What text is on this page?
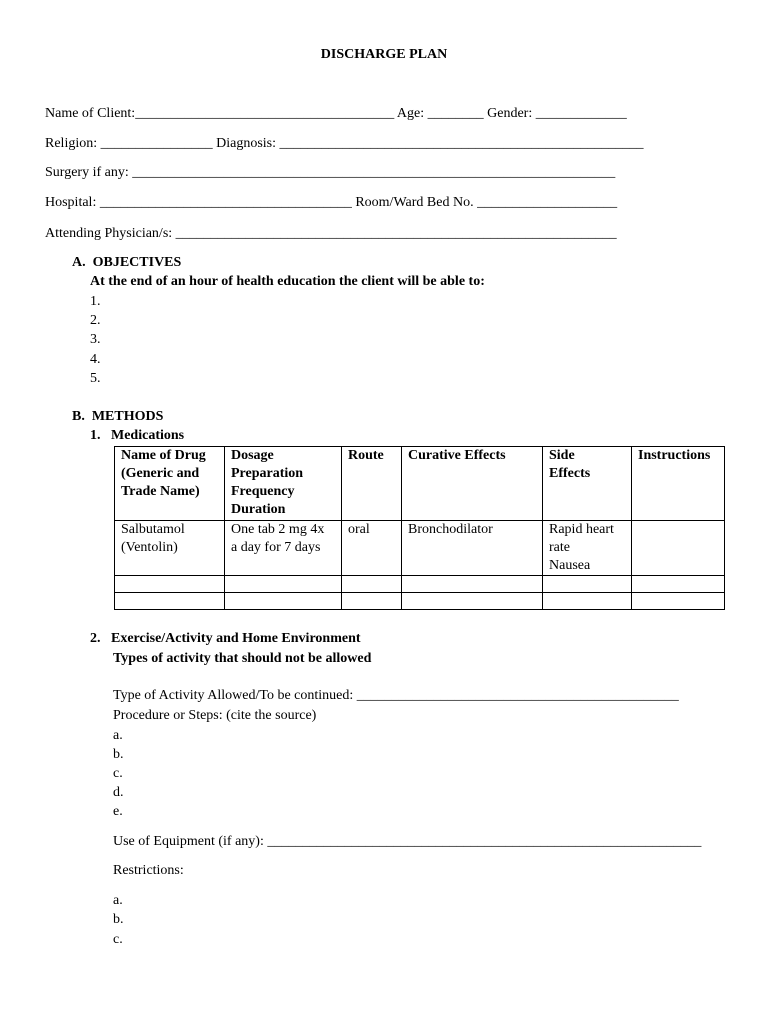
DISCHARGE PLAN
Name of Client:_____________________________________ Age: ________ Gender: _____________
Religion: ________________ Diagnosis: ____________________________________________________
Surgery if any: _____________________________________________________________________
Hospital: ____________________________________ Room/Ward Bed No. ____________________
Attending Physician/s: _______________________________________________________________
A.  OBJECTIVES
At the end of an hour of health education the client will be able to:
1.
2.
3.
4.
5.
B.  METHODS
1.   Medications
Name of Drug
(Generic and
Trade Name)	Dosage
Preparation
Frequency
Duration	Route	Curative Effects	Side
Effects	Instructions
Salbutamol
(Ventolin)	One tab 2 mg 4x
a day for 7 days	oral	Bronchodilator	Rapid heart
rate
Nausea	

2.   Exercise/Activity and Home Environment
Types of activity that should not be allowed
Type of Activity Allowed/To be continued: ______________________________________________
Procedure or Steps: (cite the source)
a.
b.
c.
d.
e.
Use of Equipment (if any): ______________________________________________________________
Restrictions:
a.
b.
c.
